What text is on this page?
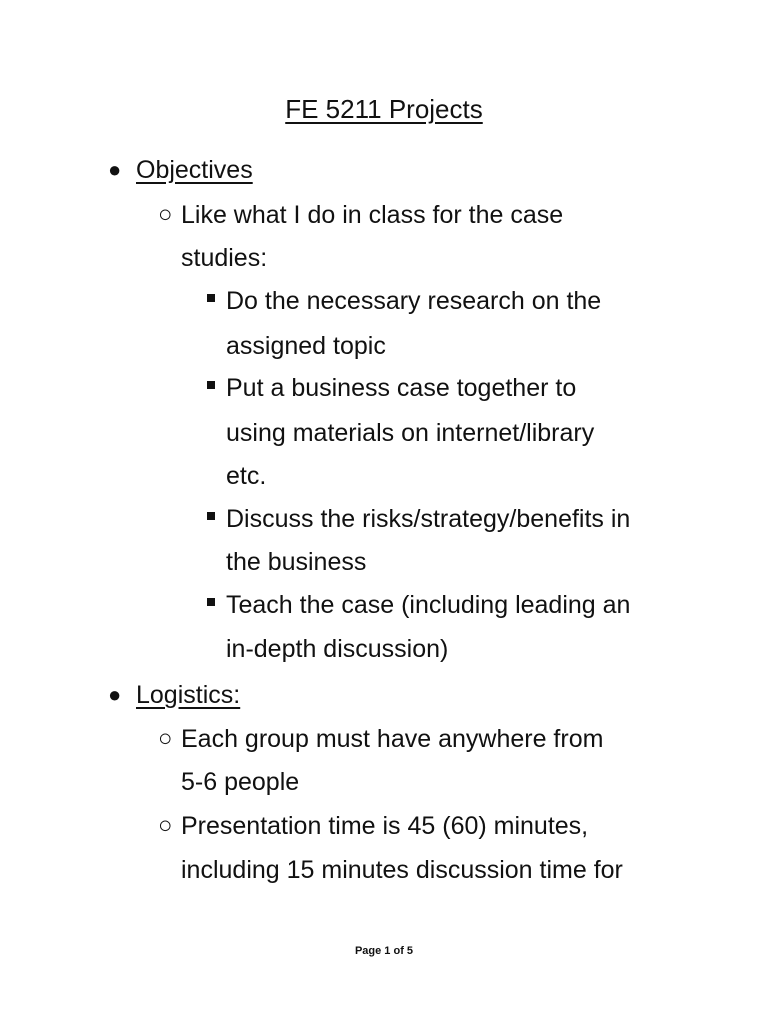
FE 5211 Projects
● Objectives
○ Like what I do in class for the case
studies:
Do the necessary research on the
assigned topic
Put a business case together to
using materials on internet/library
etc.
Discuss the risks/strategy/benefits in
the business
Teach the case (including leading an
in-depth discussion)
● Logistics:
○ Each group must have anywhere from
5-6 people
○ Presentation time is 45 (60) minutes,
including 15 minutes discussion time for
Page 1 of 5
